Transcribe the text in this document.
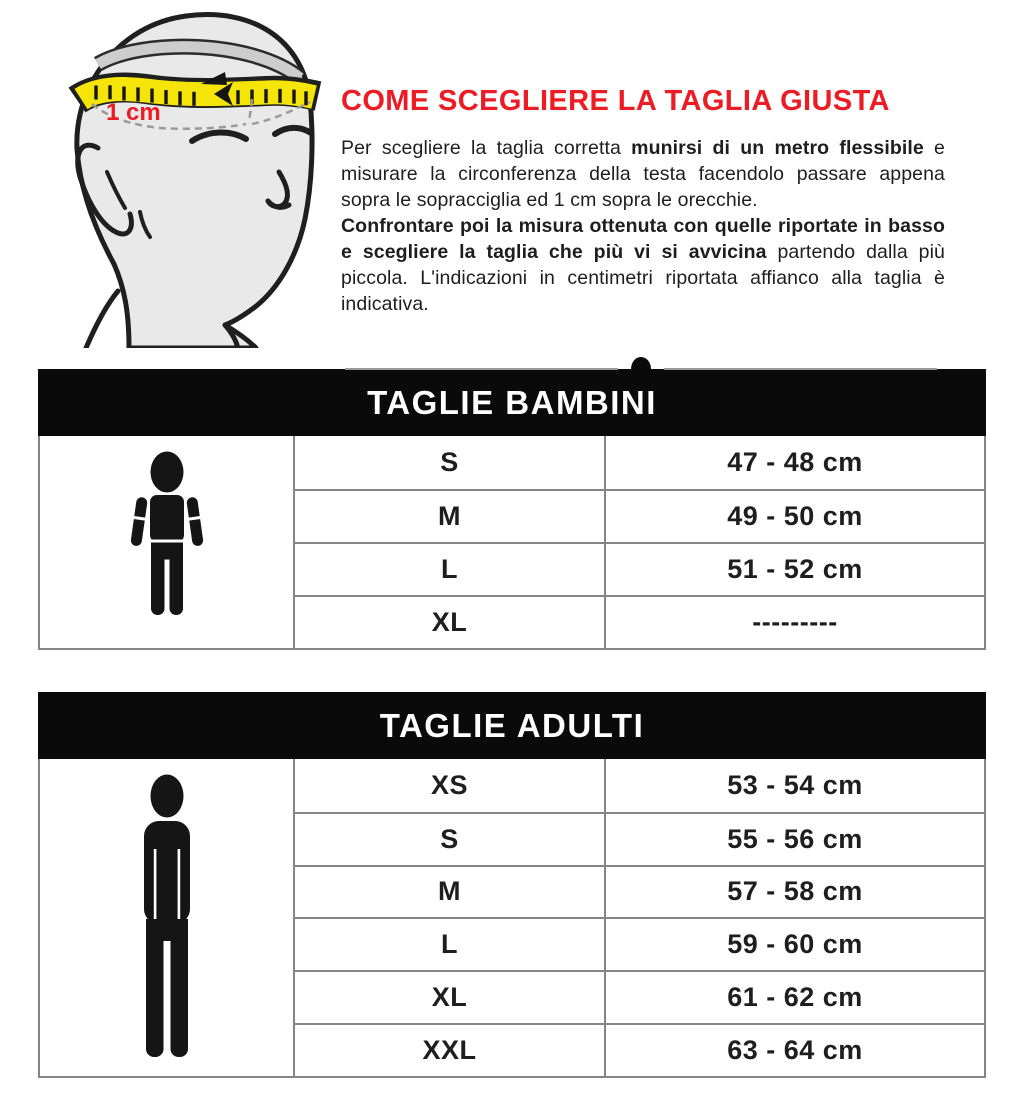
1 cm	COME SCEGLIERE LA TAGLIA GIUSTA

Per scegliere la taglia corretta munirsi di un metro flessibile e misurare la circonferenza della testa facendolo passare appena sopra le sopracciglia ed 1 cm sopra le orecchie.

Confrontare poi la misura ottenuta con quelle riportate in basso e scegliere la taglia che più vi si avvicina partendo dalla più piccola. L'indicazioni in centimetri riportata affianco alla taglia è indicativa.

TAGLIE BAMBINI
S	47 - 48 cm
M	49 - 50 cm
L	51 - 52 cm
XL	---------
TAGLIE ADULTI
XS	53 - 54 cm
S	55 - 56 cm
M	57 - 58 cm
L	59 - 60 cm
XL	61 - 62 cm
XXL	63 - 64 cm
